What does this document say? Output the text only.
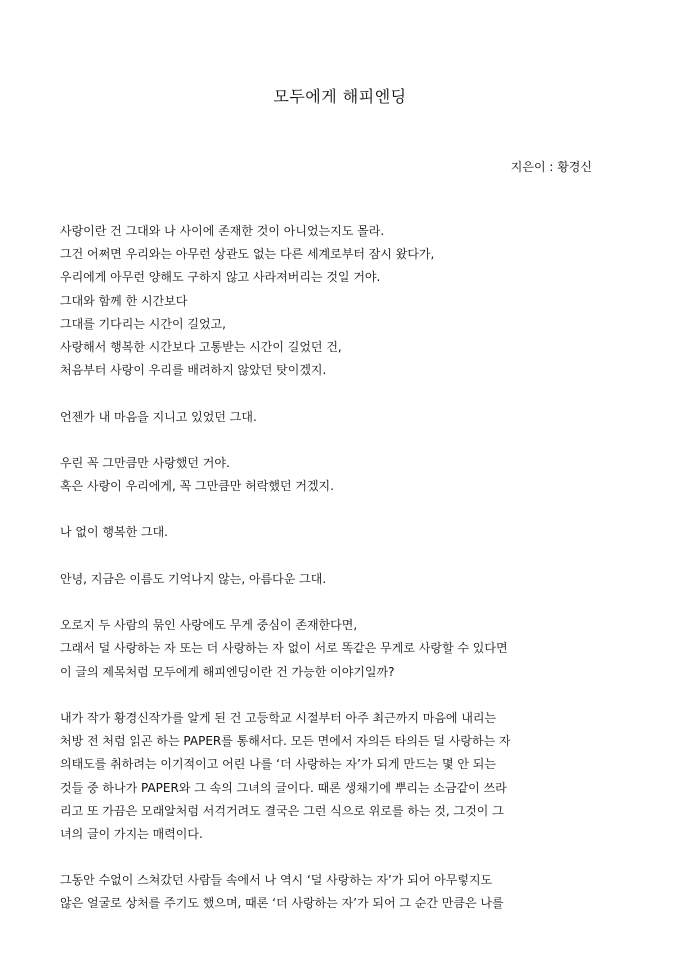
모두에게 해피엔딩
지은이 : 황경신
사랑이란 건 그대와 나 사이에 존재한 것이 아니었는지도 몰라.
그건 어쩌면 우리와는 아무런 상관도 없는 다른 세계로부터 잠시 왔다가,
우리에게 아무런 양해도 구하지 않고 사라져버리는 것일 거야.
그대와 함께 한 시간보다
그대를 기다리는 시간이 길었고,
사랑해서 행복한 시간보다 고통받는 시간이 길었던 건,
처음부터 사랑이 우리를 배려하지 않았던 탓이겠지.
언젠가 내 마음을 지니고 있었던 그대.
우린 꼭 그만큼만 사랑했던 거야.
혹은 사랑이 우리에게, 꼭 그만큼만 허락했던 거겠지.
나 없이 행복한 그대.
안녕, 지금은 이름도 기억나지 않는, 아름다운 그대.
오로지 두 사람의 묶인 사랑에도 무게 중심이 존재한다면,
그래서 덜 사랑하는 자 또는 더 사랑하는 자 없이 서로 똑같은 무게로 사랑할 수 있다면
이 글의 제목처럼 모두에게 해피엔딩이란 건 가능한 이야기일까?
내가 작가 황경신작가를 알게 된 건 고등학교 시절부터 아주 최근까지 마음에 내리는
처방 전 처럼 읽곤 하는 PAPER를 통해서다. 모든 면에서 자의든 타의든 덜 사랑하는 자
의태도를 취하려는 이기적이고 어린 나를 ‘더 사랑하는 자’가 되게 만드는 몇 안 되는
것들 중 하나가 PAPER와 그 속의 그녀의 글이다. 때론 생채기에 뿌리는 소금같이 쓰라
리고 또 가끔은 모래알처럼 서걱거려도 결국은 그런 식으로 위로를 하는 것, 그것이 그
녀의 글이 가지는 매력이다.
그동안 수없이 스쳐갔던 사람들 속에서 나 역시 ‘덜 사랑하는 자’가 되어 아무렇지도
않은 얼굴로 상처를 주기도 했으며, 때론 ‘더 사랑하는 자’가 되어 그 순간 만큼은 나를
